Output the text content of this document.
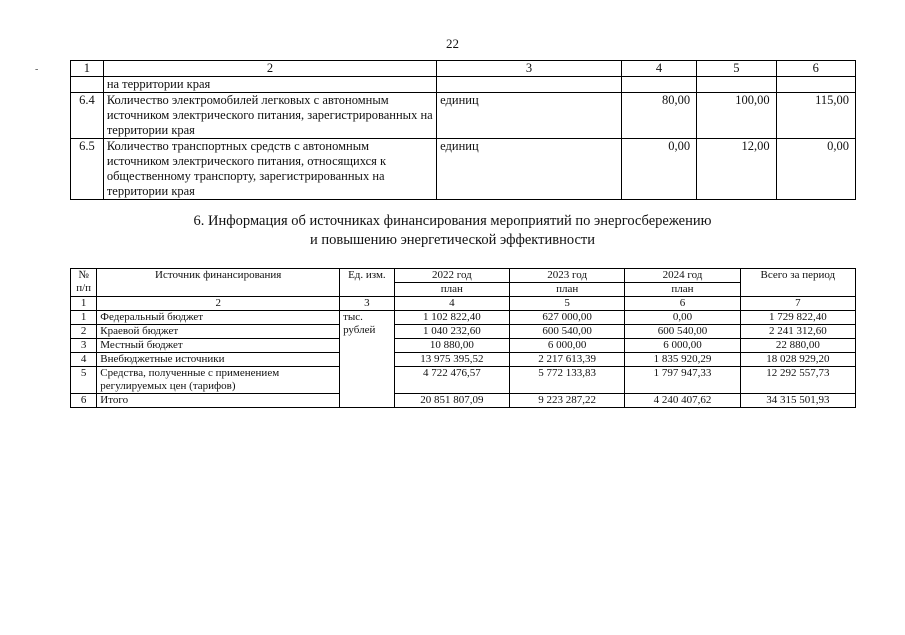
22
-	1	2	3	4	5	6
	на территории края				
6.4	Количество электромобилей легковых с автономным источником электрического питания, зарегистрированных на территории края	единиц	80,00	100,00	115,00
6.5	Количество транспортных средств с автономным источником электрического питания, относящихся к общественному транспорту, зарегистрированных на территории края	единиц	0,00	12,00	0,00
6. Информация об источниках финансирования мероприятий по энергосбережению
и повышению энергетической эффективности
№ п/п	Источник финансирования	Ед. изм.	2022 год	2023 год	2024 год	Всего за период
			план	план	план	
1	2	3	4	5	6	7
1	Федеральный бюджет	тыс. рублей	1 102 822,40	627 000,00	0,00	1 729 822,40
2	Краевой бюджет		1 040 232,60	600 540,00	600 540,00	2 241 312,60
3	Местный бюджет		10 880,00	6 000,00	6 000,00	22 880,00
4	Внебюджетные источники		13 975 395,52	2 217 613,39	1 835 920,29	18 028 929,20
5	Средства, полученные с применением регулируемых цен (тарифов)		4 722 476,57	5 772 133,83	1 797 947,33	12 292 557,73
6	Итого		20 851 807,09	9 223 287,22	4 240 407,62	34 315 501,93
